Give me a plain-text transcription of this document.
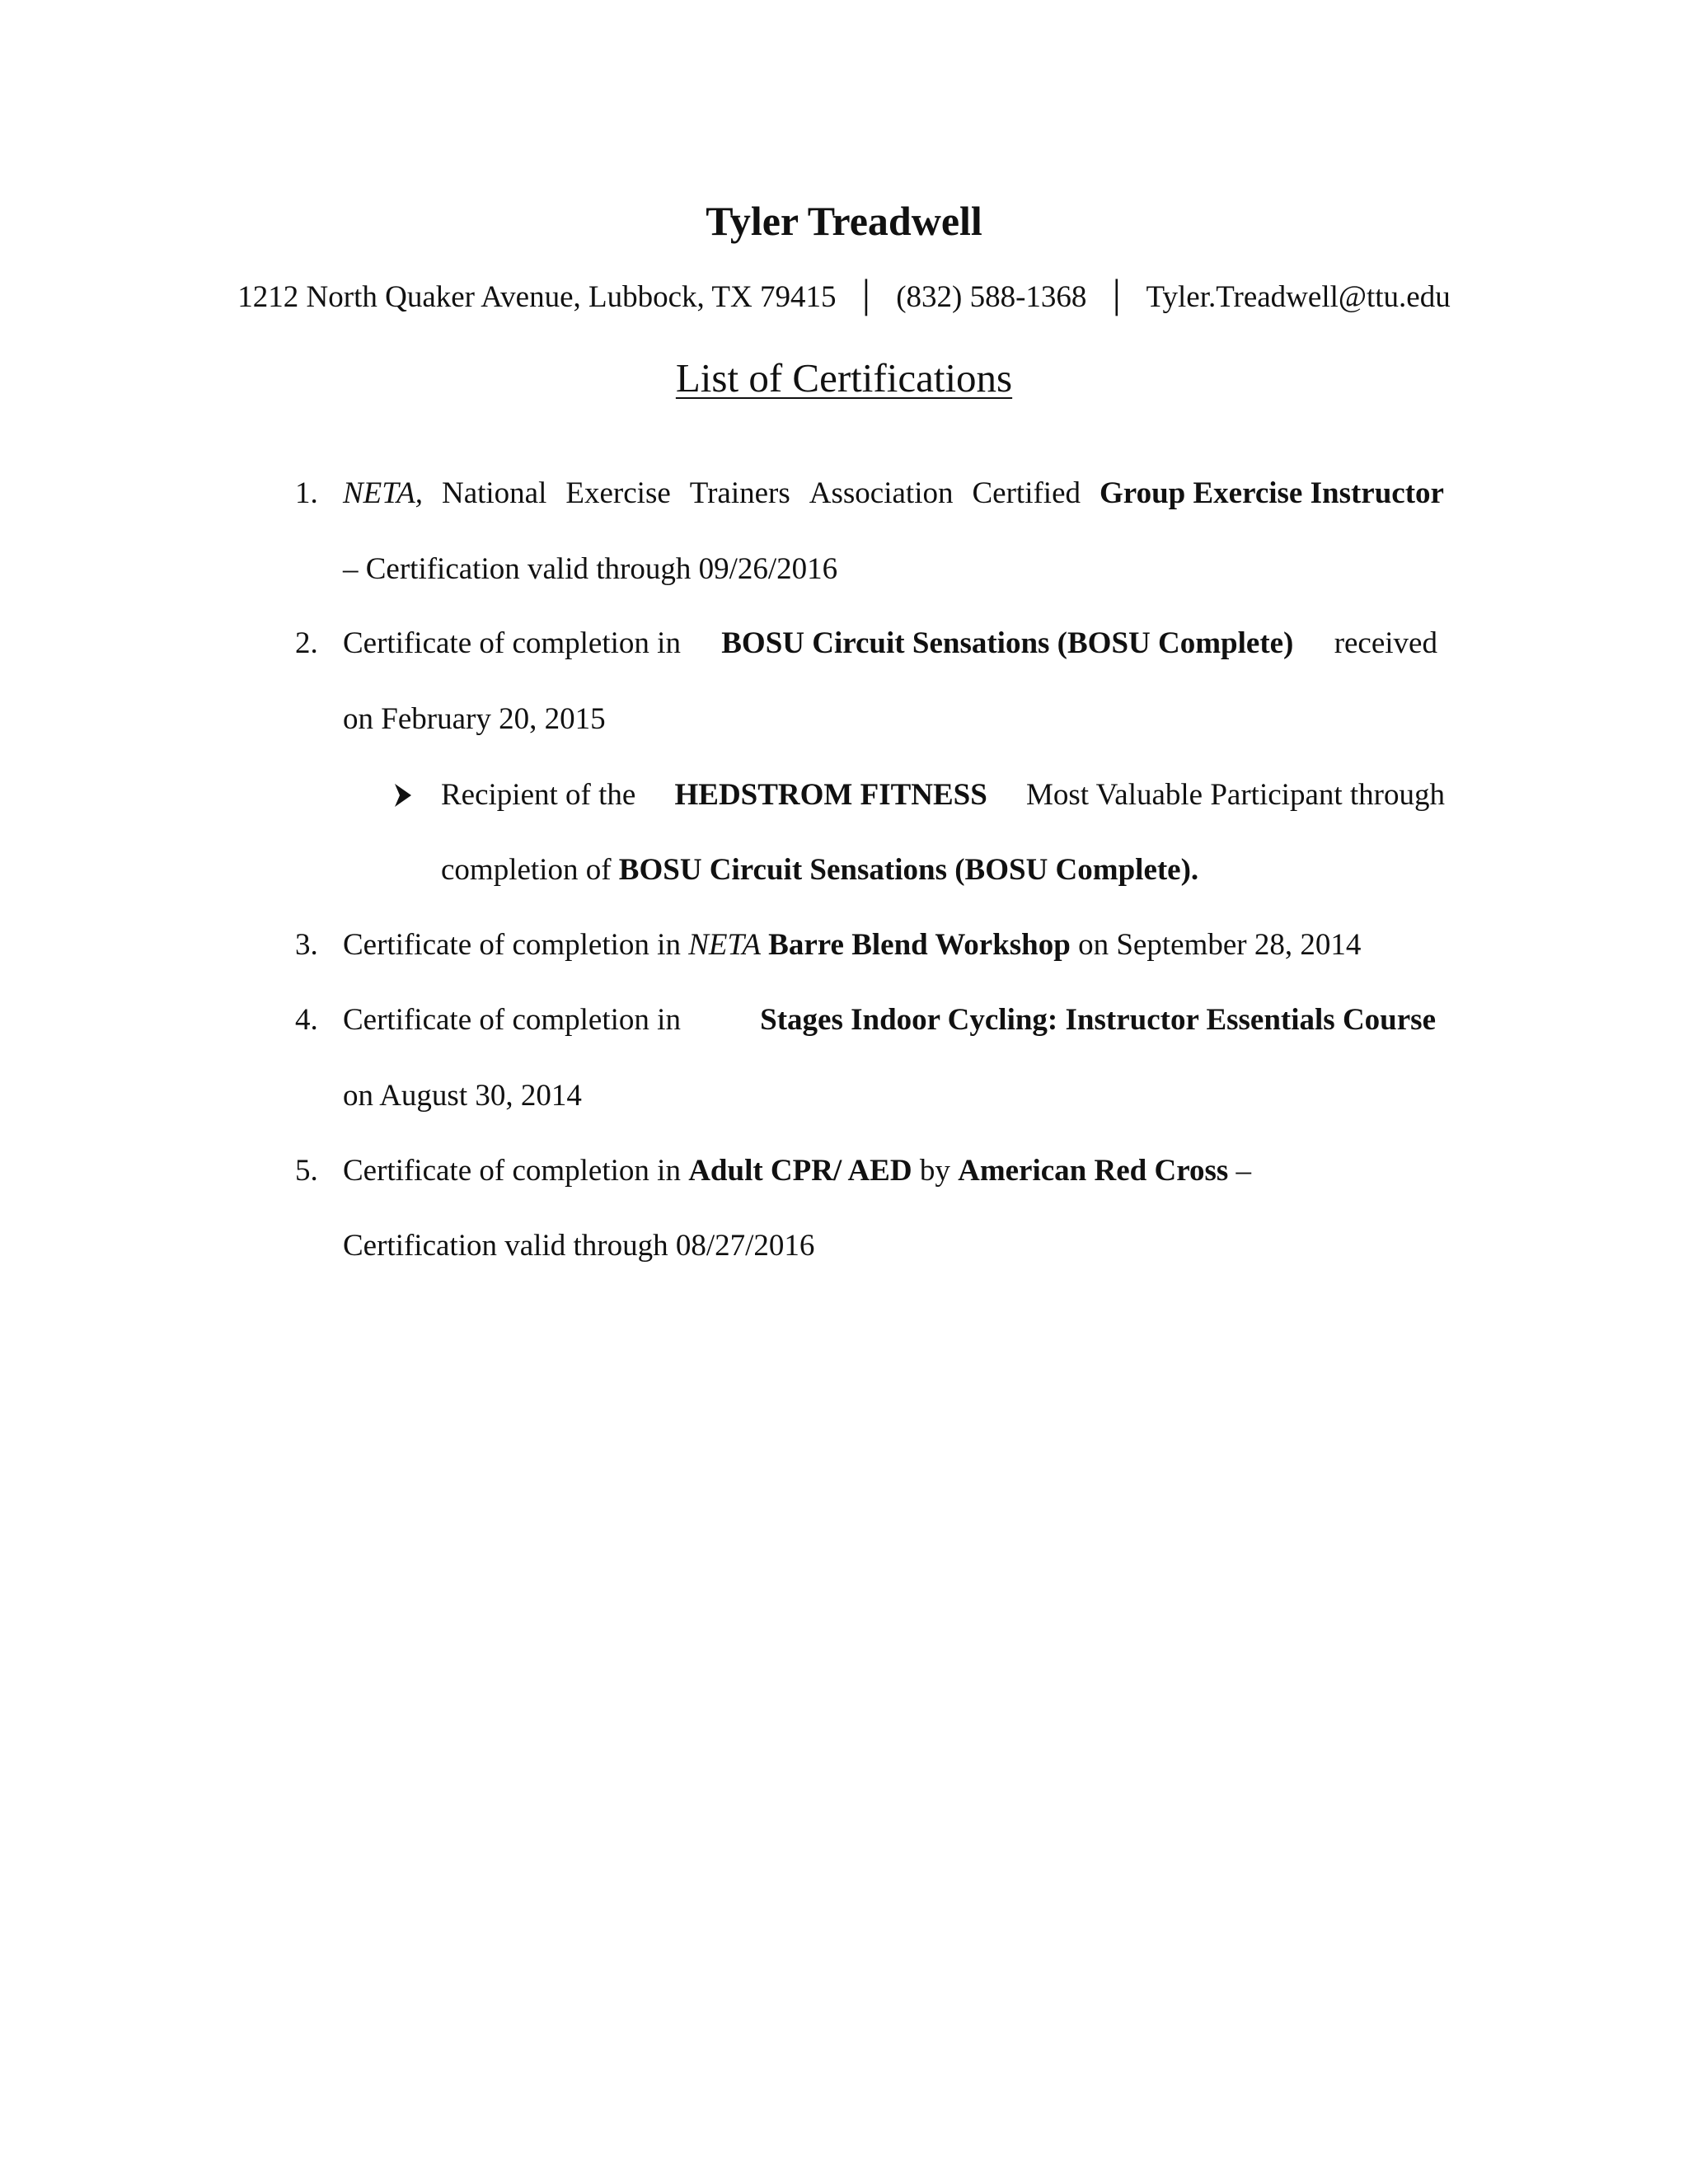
Tyler Treadwell
1212 North Quaker Avenue, Lubbock, TX 79415 │ (832) 588-1368 │ Tyler.Treadwell@ttu.edu
List of Certifications
1. NETA, National Exercise Trainers Association Certified Group Exercise Instructor
– Certification valid through 09/26/2016
2. Certificate of completion in BOSU Circuit Sensations (BOSU Complete) received
on February 20, 2015
Recipient of the HEDSTROM FITNESS Most Valuable Participant through
completion of BOSU Circuit Sensations (BOSU Complete).
3. Certificate of completion in NETA Barre Blend Workshop on September 28, 2014
4. Certificate of completion in	Stages Indoor Cycling: Instructor Essentials Course
on August 30, 2014
5. Certificate of completion in Adult CPR/ AED by American Red Cross –
Certification valid through 08/27/2016
